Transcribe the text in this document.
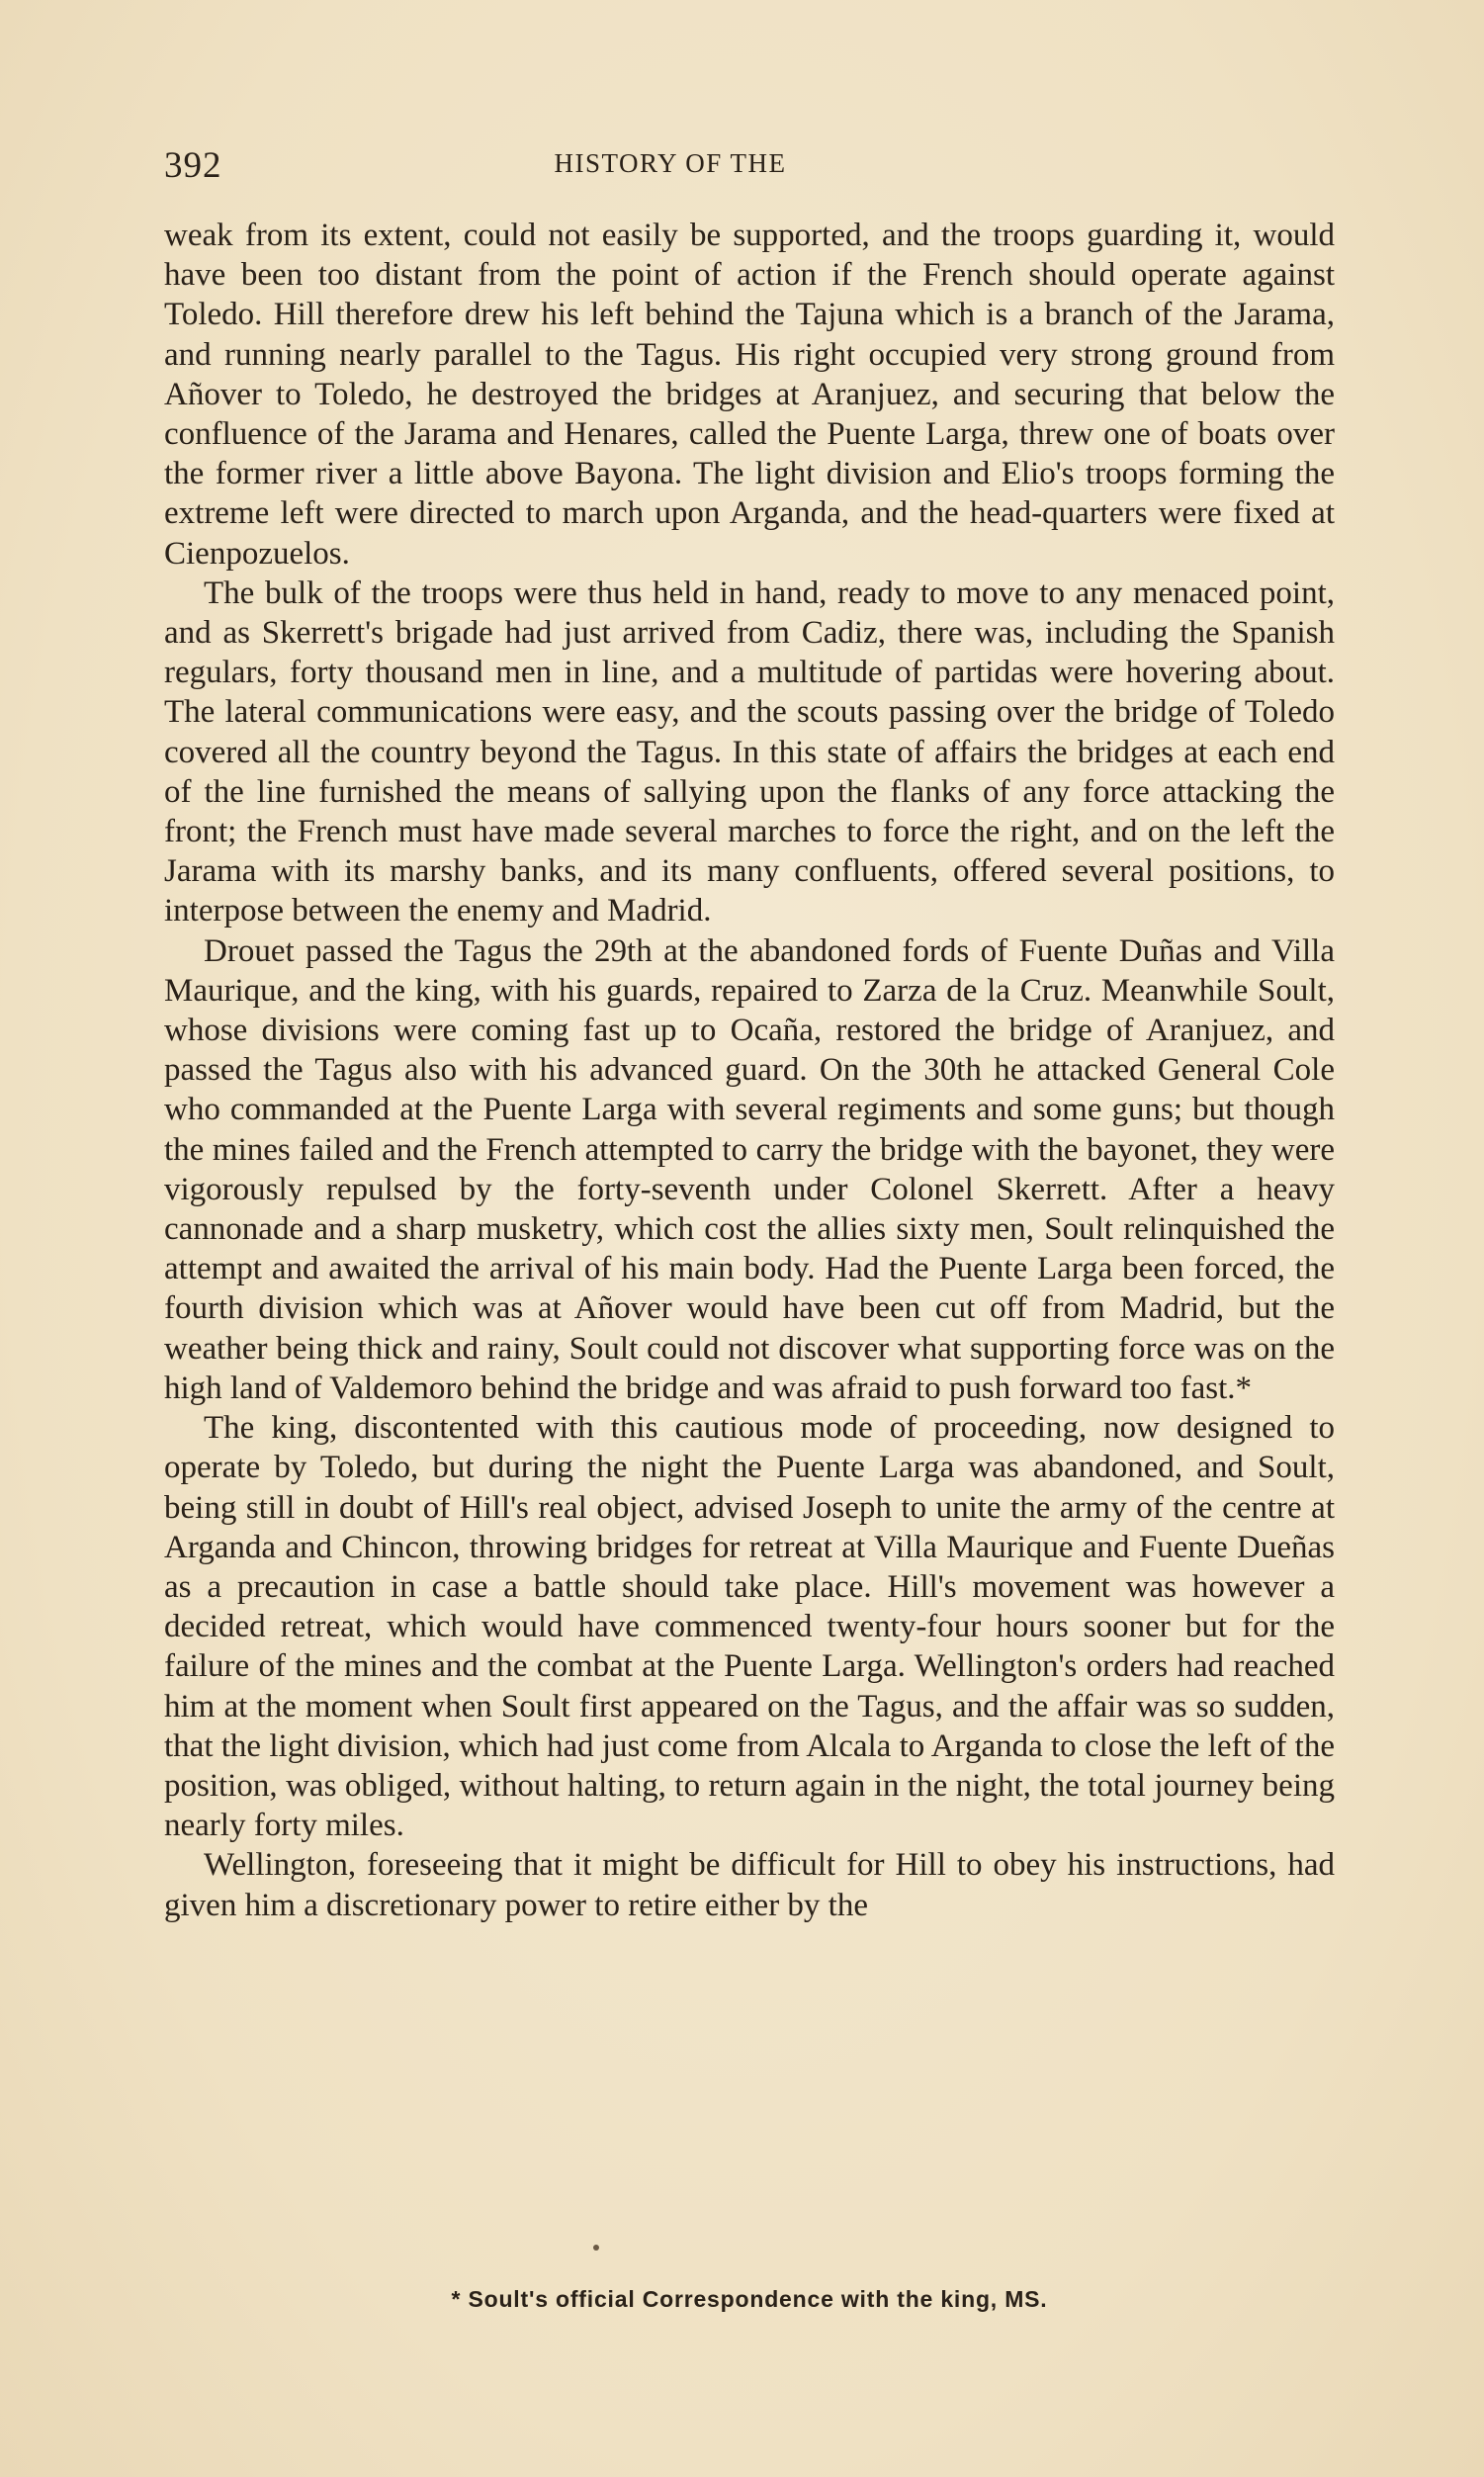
392	HISTORY OF THE

weak from its extent, could not easily be supported, and the troops guarding it, would have been too distant from the point of action if the French should operate against Toledo. Hill therefore drew his left behind the Tajuna which is a branch of the Jarama, and running nearly parallel to the Tagus. His right occupied very strong ground from Añover to Toledo, he destroyed the bridges at Aranjuez, and securing that below the confluence of the Jarama and Henares, called the Puente Larga, threw one of boats over the former river a little above Bayona. The light division and Elio's troops forming the extreme left were directed to march upon Arganda, and the head-quarters were fixed at Cienpozuelos.

The bulk of the troops were thus held in hand, ready to move to any menaced point, and as Skerrett's brigade had just arrived from Cadiz, there was, including the Spanish regulars, forty thousand men in line, and a multitude of partidas were hovering about. The lateral communications were easy, and the scouts passing over the bridge of Toledo covered all the country beyond the Tagus. In this state of affairs the bridges at each end of the line furnished the means of sallying upon the flanks of any force attacking the front; the French must have made several marches to force the right, and on the left the Jarama with its marshy banks, and its many confluents, offered several positions, to interpose between the enemy and Madrid.

Drouet passed the Tagus the 29th at the abandoned fords of Fuente Duñas and Villa Maurique, and the king, with his guards, repaired to Zarza de la Cruz. Meanwhile Soult, whose divisions were coming fast up to Ocaña, restored the bridge of Aranjuez, and passed the Tagus also with his advanced guard. On the 30th he attacked General Cole who commanded at the Puente Larga with several regiments and some guns; but though the mines failed and the French attempted to carry the bridge with the bayonet, they were vigorously repulsed by the forty-seventh under Colonel Skerrett. After a heavy cannonade and a sharp musketry, which cost the allies sixty men, Soult relinquished the attempt and awaited the arrival of his main body. Had the Puente Larga been forced, the fourth division which was at Añover would have been cut off from Madrid, but the weather being thick and rainy, Soult could not discover what supporting force was on the high land of Valdemoro behind the bridge and was afraid to push forward too fast.*

The king, discontented with this cautious mode of proceeding, now designed to operate by Toledo, but during the night the Puente Larga was abandoned, and Soult, being still in doubt of Hill's real object, advised Joseph to unite the army of the centre at Arganda and Chincon, throwing bridges for retreat at Villa Maurique and Fuente Dueñas as a precaution in case a battle should take place. Hill's movement was however a decided retreat, which would have commenced twenty-four hours sooner but for the failure of the mines and the combat at the Puente Larga. Wellington's orders had reached him at the moment when Soult first appeared on the Tagus, and the affair was so sudden, that the light division, which had just come from Alcala to Arganda to close the left of the position, was obliged, without halting, to return again in the night, the total journey being nearly forty miles.

Wellington, foreseeing that it might be difficult for Hill to obey his instructions, had given him a discretionary power to retire either by the

* Soult's official Correspondence with the king, MS.
